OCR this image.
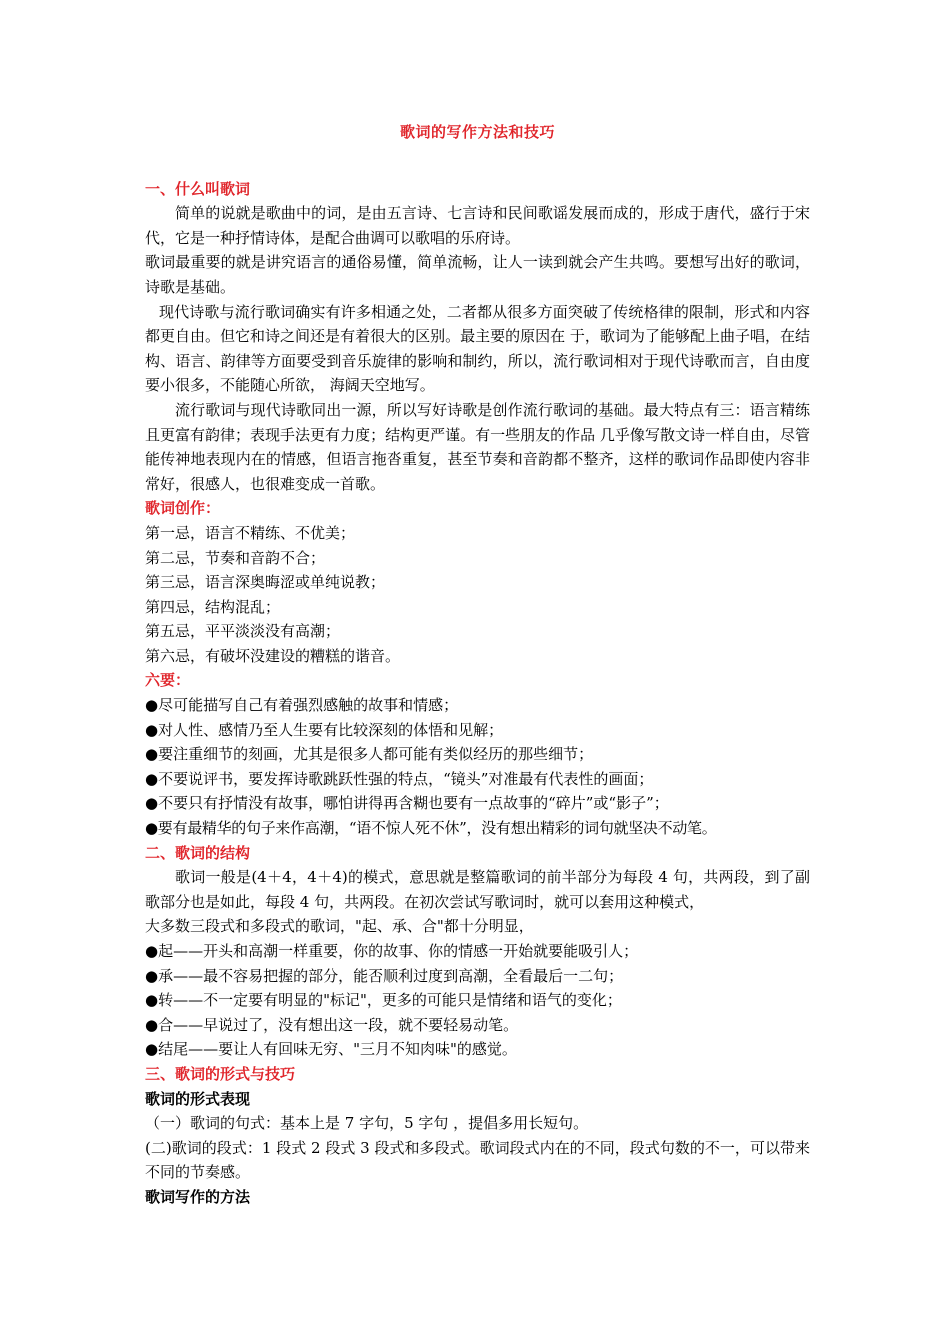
歌词的写作方法和技巧
一、什么叫歌词

简单的说就是歌曲中的词，是由五言诗、七言诗和民间歌谣发展而成的，形成于唐代，盛行于宋代，它是一种抒情诗体，是配合曲调可以歌唱的乐府诗。

歌词最重要的就是讲究语言的通俗易懂，简单流畅，让人一读到就会产生共鸣。要想写出好的歌词，诗歌是基础。

现代诗歌与流行歌词确实有许多相通之处，二者都从很多方面突破了传统格律的限制，形式和内容都更自由。但它和诗之间还是有着很大的区别。最主要的原因在 于，歌词为了能够配上曲子唱，在结构、语言、韵律等方面要受到音乐旋律的影响和制约，所以，流行歌词相对于现代诗歌而言，自由度要小很多，不能随心所欲， 海阔天空地写。

流行歌词与现代诗歌同出一源，所以写好诗歌是创作流行歌词的基础。最大特点有三：语言精练且更富有韵律；表现手法更有力度；结构更严谨。有一些朋友的作品 几乎像写散文诗一样自由，尽管能传神地表现内在的情感，但语言拖沓重复，甚至节奏和音韵都不整齐，这样的歌词作品即使内容非常好，很感人，也很难变成一首歌。

歌词创作：

第一忌，语言不精练、不优美；

第二忌，节奏和音韵不合；

第三忌，语言深奥晦涩或单纯说教；

第四忌，结构混乱；

第五忌，平平淡淡没有高潮；

第六忌，有破坏没建设的糟糕的谐音。

六要：

●尽可能描写自己有着强烈感触的故事和情感；

●对人性、感情乃至人生要有比较深刻的体悟和见解；

●要注重细节的刻画，尤其是很多人都可能有类似经历的那些细节；

●不要说评书，要发挥诗歌跳跃性强的特点，“镜头”对准最有代表性的画面；

●不要只有抒情没有故事，哪怕讲得再含糊也要有一点故事的“碎片”或“影子”；

●要有最精华的句子来作高潮，“语不惊人死不休”，没有想出精彩的词句就坚决不动笔。

二、歌词的结构

歌词一般是(4＋4，4＋4)的模式，意思就是整篇歌词的前半部分为每段 4 句，共两段，到了副歌部分也是如此，每段 4 句，共两段。在初次尝试写歌词时，就可以套用这种模式，

大多数三段式和多段式的歌词，"起、承、合"都十分明显，

●起——开头和高潮一样重要，你的故事、你的情感一开始就要能吸引人；

●承——最不容易把握的部分，能否顺利过度到高潮，全看最后一二句；

●转——不一定要有明显的"标记"，更多的可能只是情绪和语气的变化；

●合——早说过了，没有想出这一段，就不要轻易动笔。

●结尾——要让人有回味无穷、"三月不知肉味"的感觉。

三、歌词的形式与技巧
歌词的形式表现

（一）歌词的句式：基本上是 7 字句，5 字句 ，提倡多用长短句。

(二)歌词的段式：1 段式 2 段式 3 段式和多段式。歌词段式内在的不同，段式句数的不一，可以带来不同的节奏感。

歌词写作的方法
